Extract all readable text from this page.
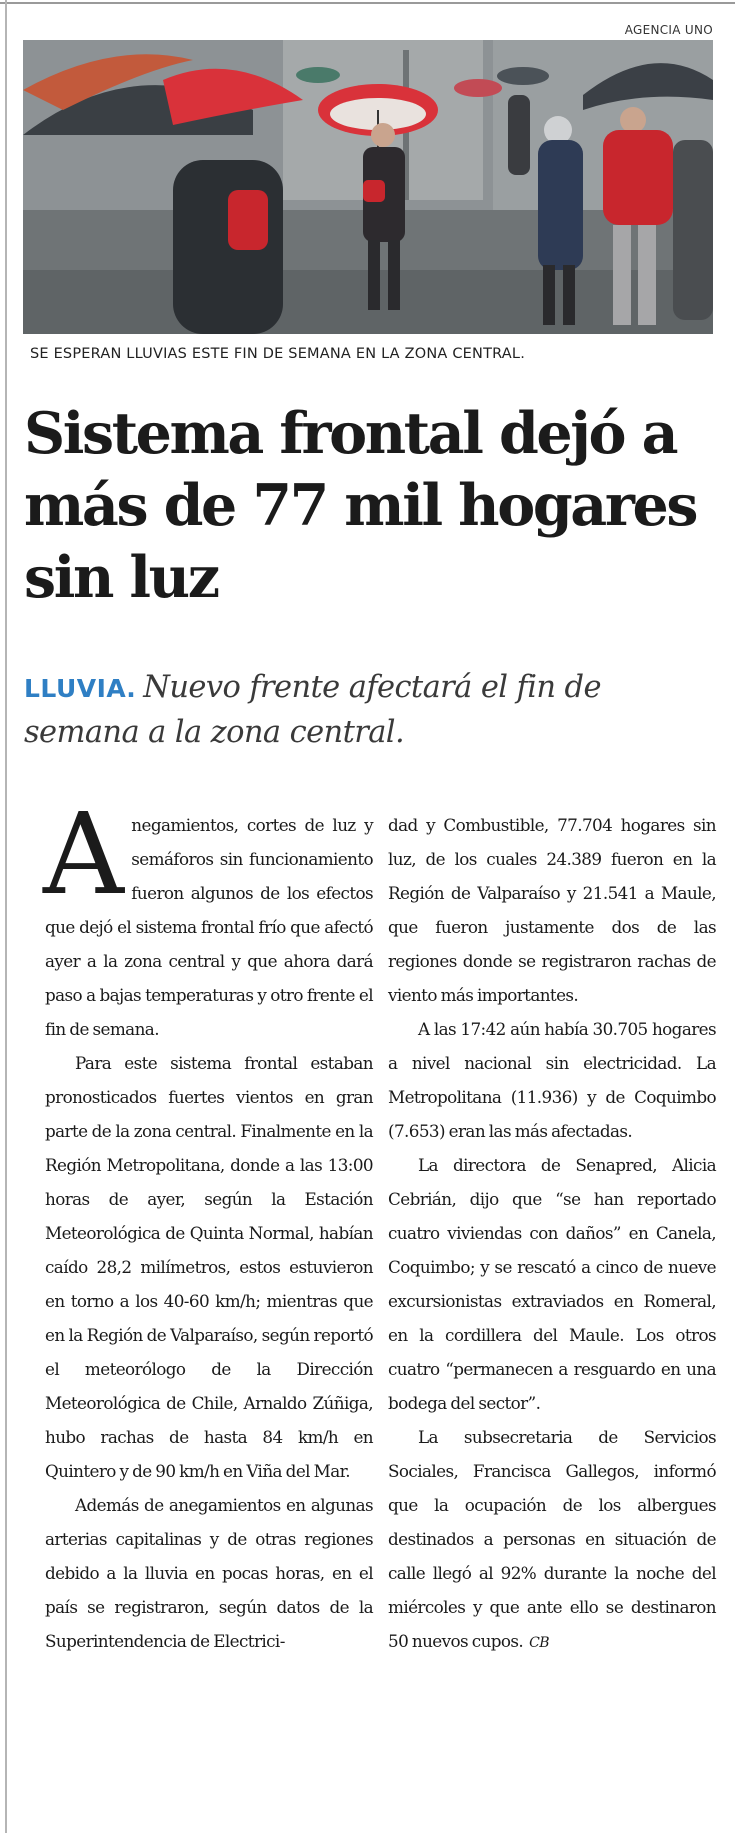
AGENCIA UNO
SE ESPERAN LLUVIAS ESTE FIN DE SEMANA EN LA ZONA CENTRAL.
Sistema frontal dejó a más de 77 mil hogares sin luz
LLUVIA. Nuevo frente afectará el fin de semana a la zona central.

Anegamientos, cortes de luz y semáforos sin funcionamiento fueron algunos de los efectos que dejó el sistema frontal frío que afectó ayer a la zona central y que ahora dará paso a bajas temperaturas y otro frente el fin de semana.

Para este sistema frontal estaban pronosticados fuertes vientos en gran parte de la zona central. Finalmente en la Región Metropolitana, donde a las 13:00 horas de ayer, según la Estación Meteorológica de Quinta Normal, habían caído 28,2 milímetros, estos estuvieron en torno a los 40-60 km/h; mientras que en la Región de Valparaíso, según reportó el meteorólogo de la Dirección Meteorológica de Chile, Arnaldo Zúñiga, hubo rachas de hasta 84 km/h en Quintero y de 90 km/h en Viña del Mar.

Además de anegamientos en algunas arterias capitalinas y de otras regiones debido a la lluvia en pocas horas, en el país se registraron, según datos de la Superintendencia de Electrici-

dad y Combustible, 77.704 hogares sin luz, de los cuales 24.389 fueron en la Región de Valparaíso y 21.541 a Maule, que fueron justamente dos de las regiones donde se registraron rachas de viento más importantes.

A las 17:42 aún había 30.705 hogares a nivel nacional sin electricidad. La Metropolitana (11.936) y de Coquimbo (7.653) eran las más afectadas.

La directora de Senapred, Alicia Cebrián, dijo que “se han reportado cuatro viviendas con daños” en Canela, Coquimbo; y se rescató a cinco de nueve excursionistas extraviados en Romeral, en la cordillera del Maule. Los otros cuatro “permanecen a resguardo en una bodega del sector”.

La subsecretaria de Servicios Sociales, Francisca Gallegos, informó que la ocupación de los albergues destinados a personas en situación de calle llegó al 92% durante la noche del miércoles y que ante ello se destinaron 50 nuevos cupos. CB
